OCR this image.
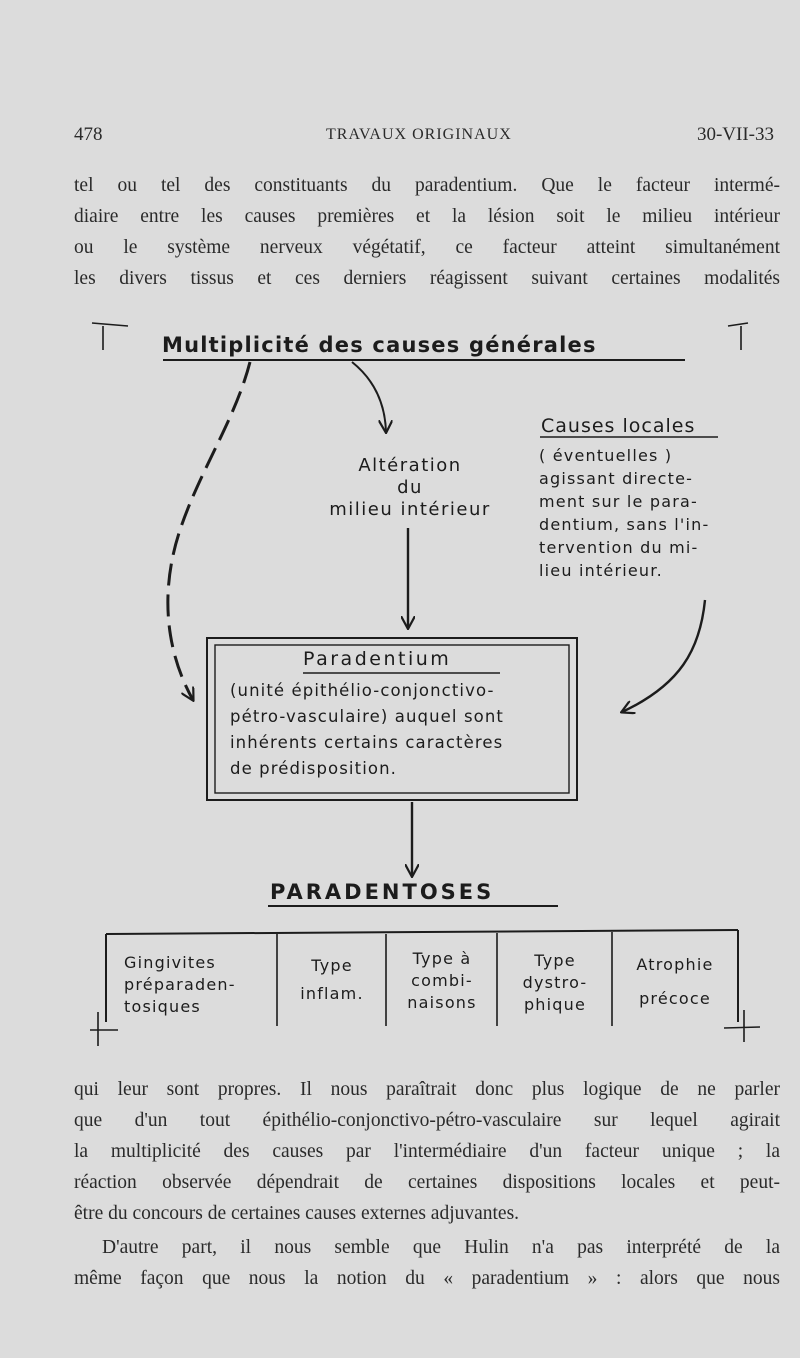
478	TRAVAUX ORIGINAUX	30-VII-33
tel ou tel des constituants du paradentium. Que le facteur intermé-
diaire entre les causes premières et la lésion soit le milieu intérieur
ou le système nerveux végétatif, ce facteur atteint simultanément
les divers tissus et ces derniers réagissent suivant certaines modalités
Multiplicité des causes générales
Causes locales
( éventuelles )
agissant directe-
ment sur le para-
dentium, sans l'in-
tervention du mi-
lieu intérieur.
Altération
du
milieu intérieur
Paradentium
(unité épithélio-conjonctivo-
pétro-vasculaire) auquel sont
inhérents certains caractères
de prédisposition.
PARADENTOSES
Gingivites
préparaden-
tosiques
Type
inflam.
Type à
combi-
naisons
Type
dystro-
phique
Atrophie
précoce
qui leur sont propres. Il nous paraîtrait donc plus logique de ne parler
que d'un tout épithélio-conjonctivo-pétro-vasculaire sur lequel agirait
la multiplicité des causes par l'intermédiaire d'un facteur unique ; la
réaction observée dépendrait de certaines dispositions locales et peut-
être du concours de certaines causes externes adjuvantes.
D'autre part, il nous semble que Hulin n'a pas interprété de la
même façon que nous la notion du « paradentium » : alors que nous
